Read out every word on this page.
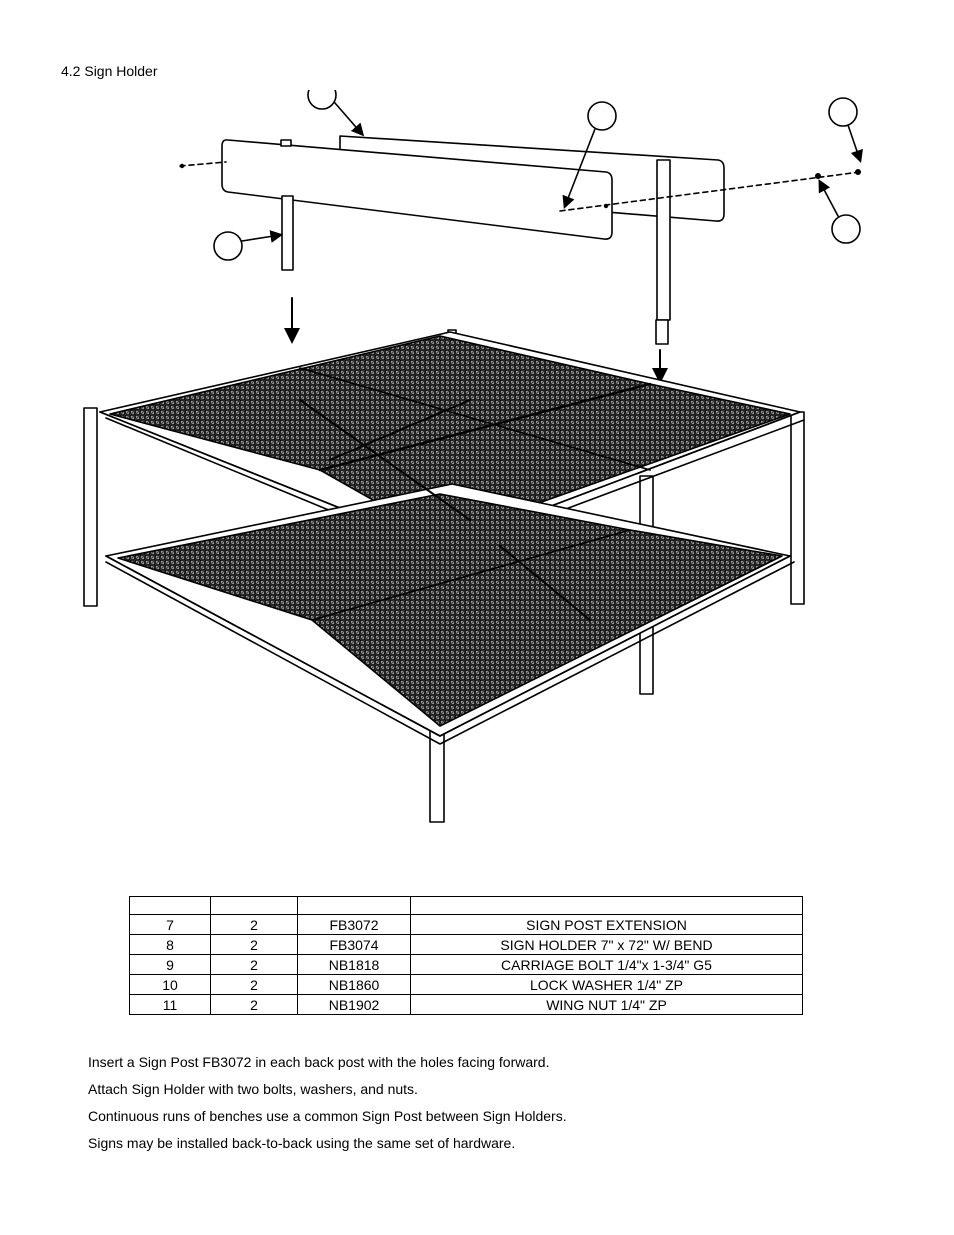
4.2 Sign Holder

7	2	FB3072	SIGN POST EXTENSION
8	2	FB3074	SIGN HOLDER 7" x 72" W/ BEND
9	2	NB1818	CARRIAGE BOLT 1/4"x 1-3/4" G5
10	2	NB1860	LOCK WASHER 1/4" ZP
11	2	NB1902	WING NUT 1/4" ZP

Insert a Sign Post FB3072 in each back post with the holes facing forward.

Attach Sign Holder with two bolts, washers, and nuts.

Continuous runs of benches use a common Sign Post between Sign Holders.

Signs may be installed back-to-back using the same set of hardware.
